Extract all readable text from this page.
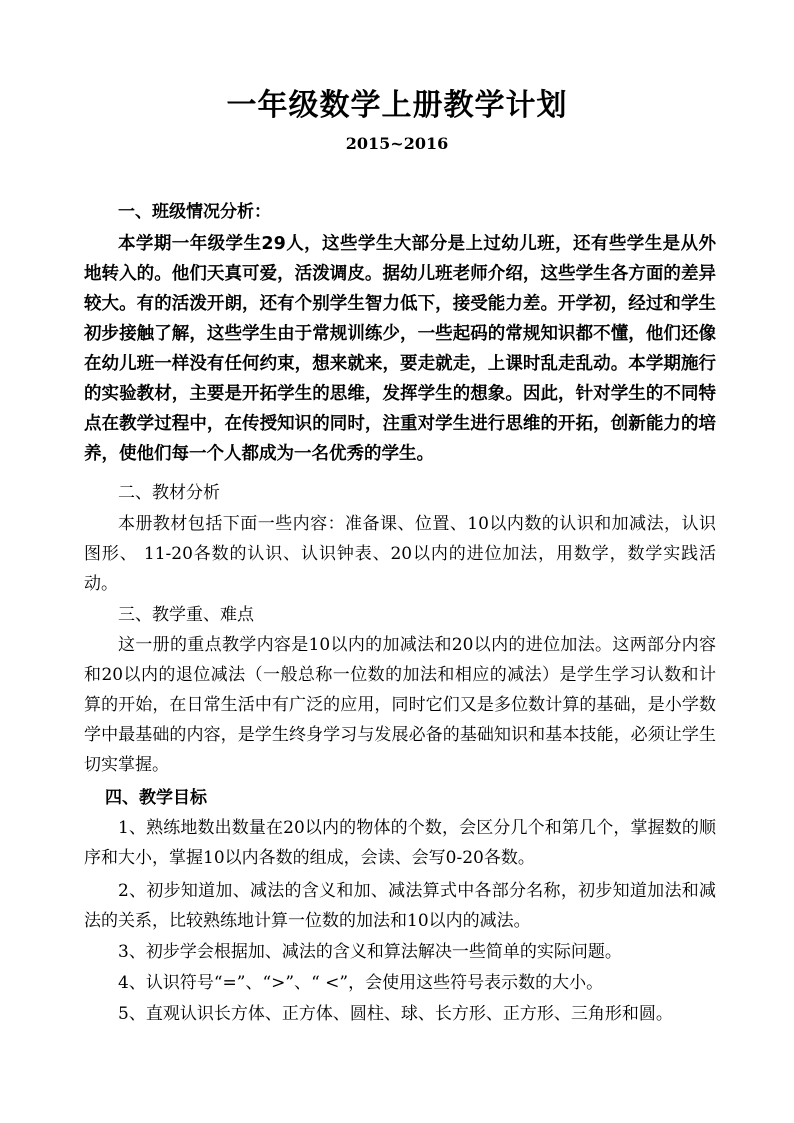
一年级数学上册教学计划
2015~2016

一、班级情况分析：

本学期一年级学生29人，这些学生大部分是上过幼儿班，还有些学生是从外地转入的。他们天真可爱，活泼调皮。据幼儿班老师介绍，这些学生各方面的差异较大。有的活泼开朗，还有个别学生智力低下，接受能力差。开学初，经过和学生初步接触了解，这些学生由于常规训练少，一些起码的常规知识都不懂，他们还像在幼儿班一样没有任何约束，想来就来，要走就走，上课时乱走乱动。本学期施行的实验教材，主要是开拓学生的思维，发挥学生的想象。因此，针对学生的不同特点在教学过程中，在传授知识的同时，注重对学生进行思维的开拓，创新能力的培养，使他们每一个人都成为一名优秀的学生。

二、教材分析

本册教材包括下面一些内容：准备课、位置、10以内数的认识和加减法，认识图形、 11-20各数的认识、认识钟表、20以内的进位加法，用数学，数学实践活动。

三、教学重、难点

这一册的重点教学内容是10以内的加减法和20以内的进位加法。这两部分内容和20以内的退位减法（一般总称一位数的加法和相应的减法）是学生学习认数和计算的开始，在日常生活中有广泛的应用，同时它们又是多位数计算的基础，是小学数学中最基础的内容，是学生终身学习与发展必备的基础知识和基本技能，必须让学生切实掌握。

四、教学目标

1、熟练地数出数量在20以内的物体的个数，会区分几个和第几个，掌握数的顺序和大小，掌握10以内各数的组成，会读、会写0-20各数。

2、初步知道加、减法的含义和加、减法算式中各部分名称，初步知道加法和减法的关系，比较熟练地计算一位数的加法和10以内的减法。

3、初步学会根据加、减法的含义和算法解决一些简单的实际问题。

4、认识符号“=”、“>”、“ <”，会使用这些符号表示数的大小。

5、直观认识长方体、正方体、圆柱、球、长方形、正方形、三角形和圆。
